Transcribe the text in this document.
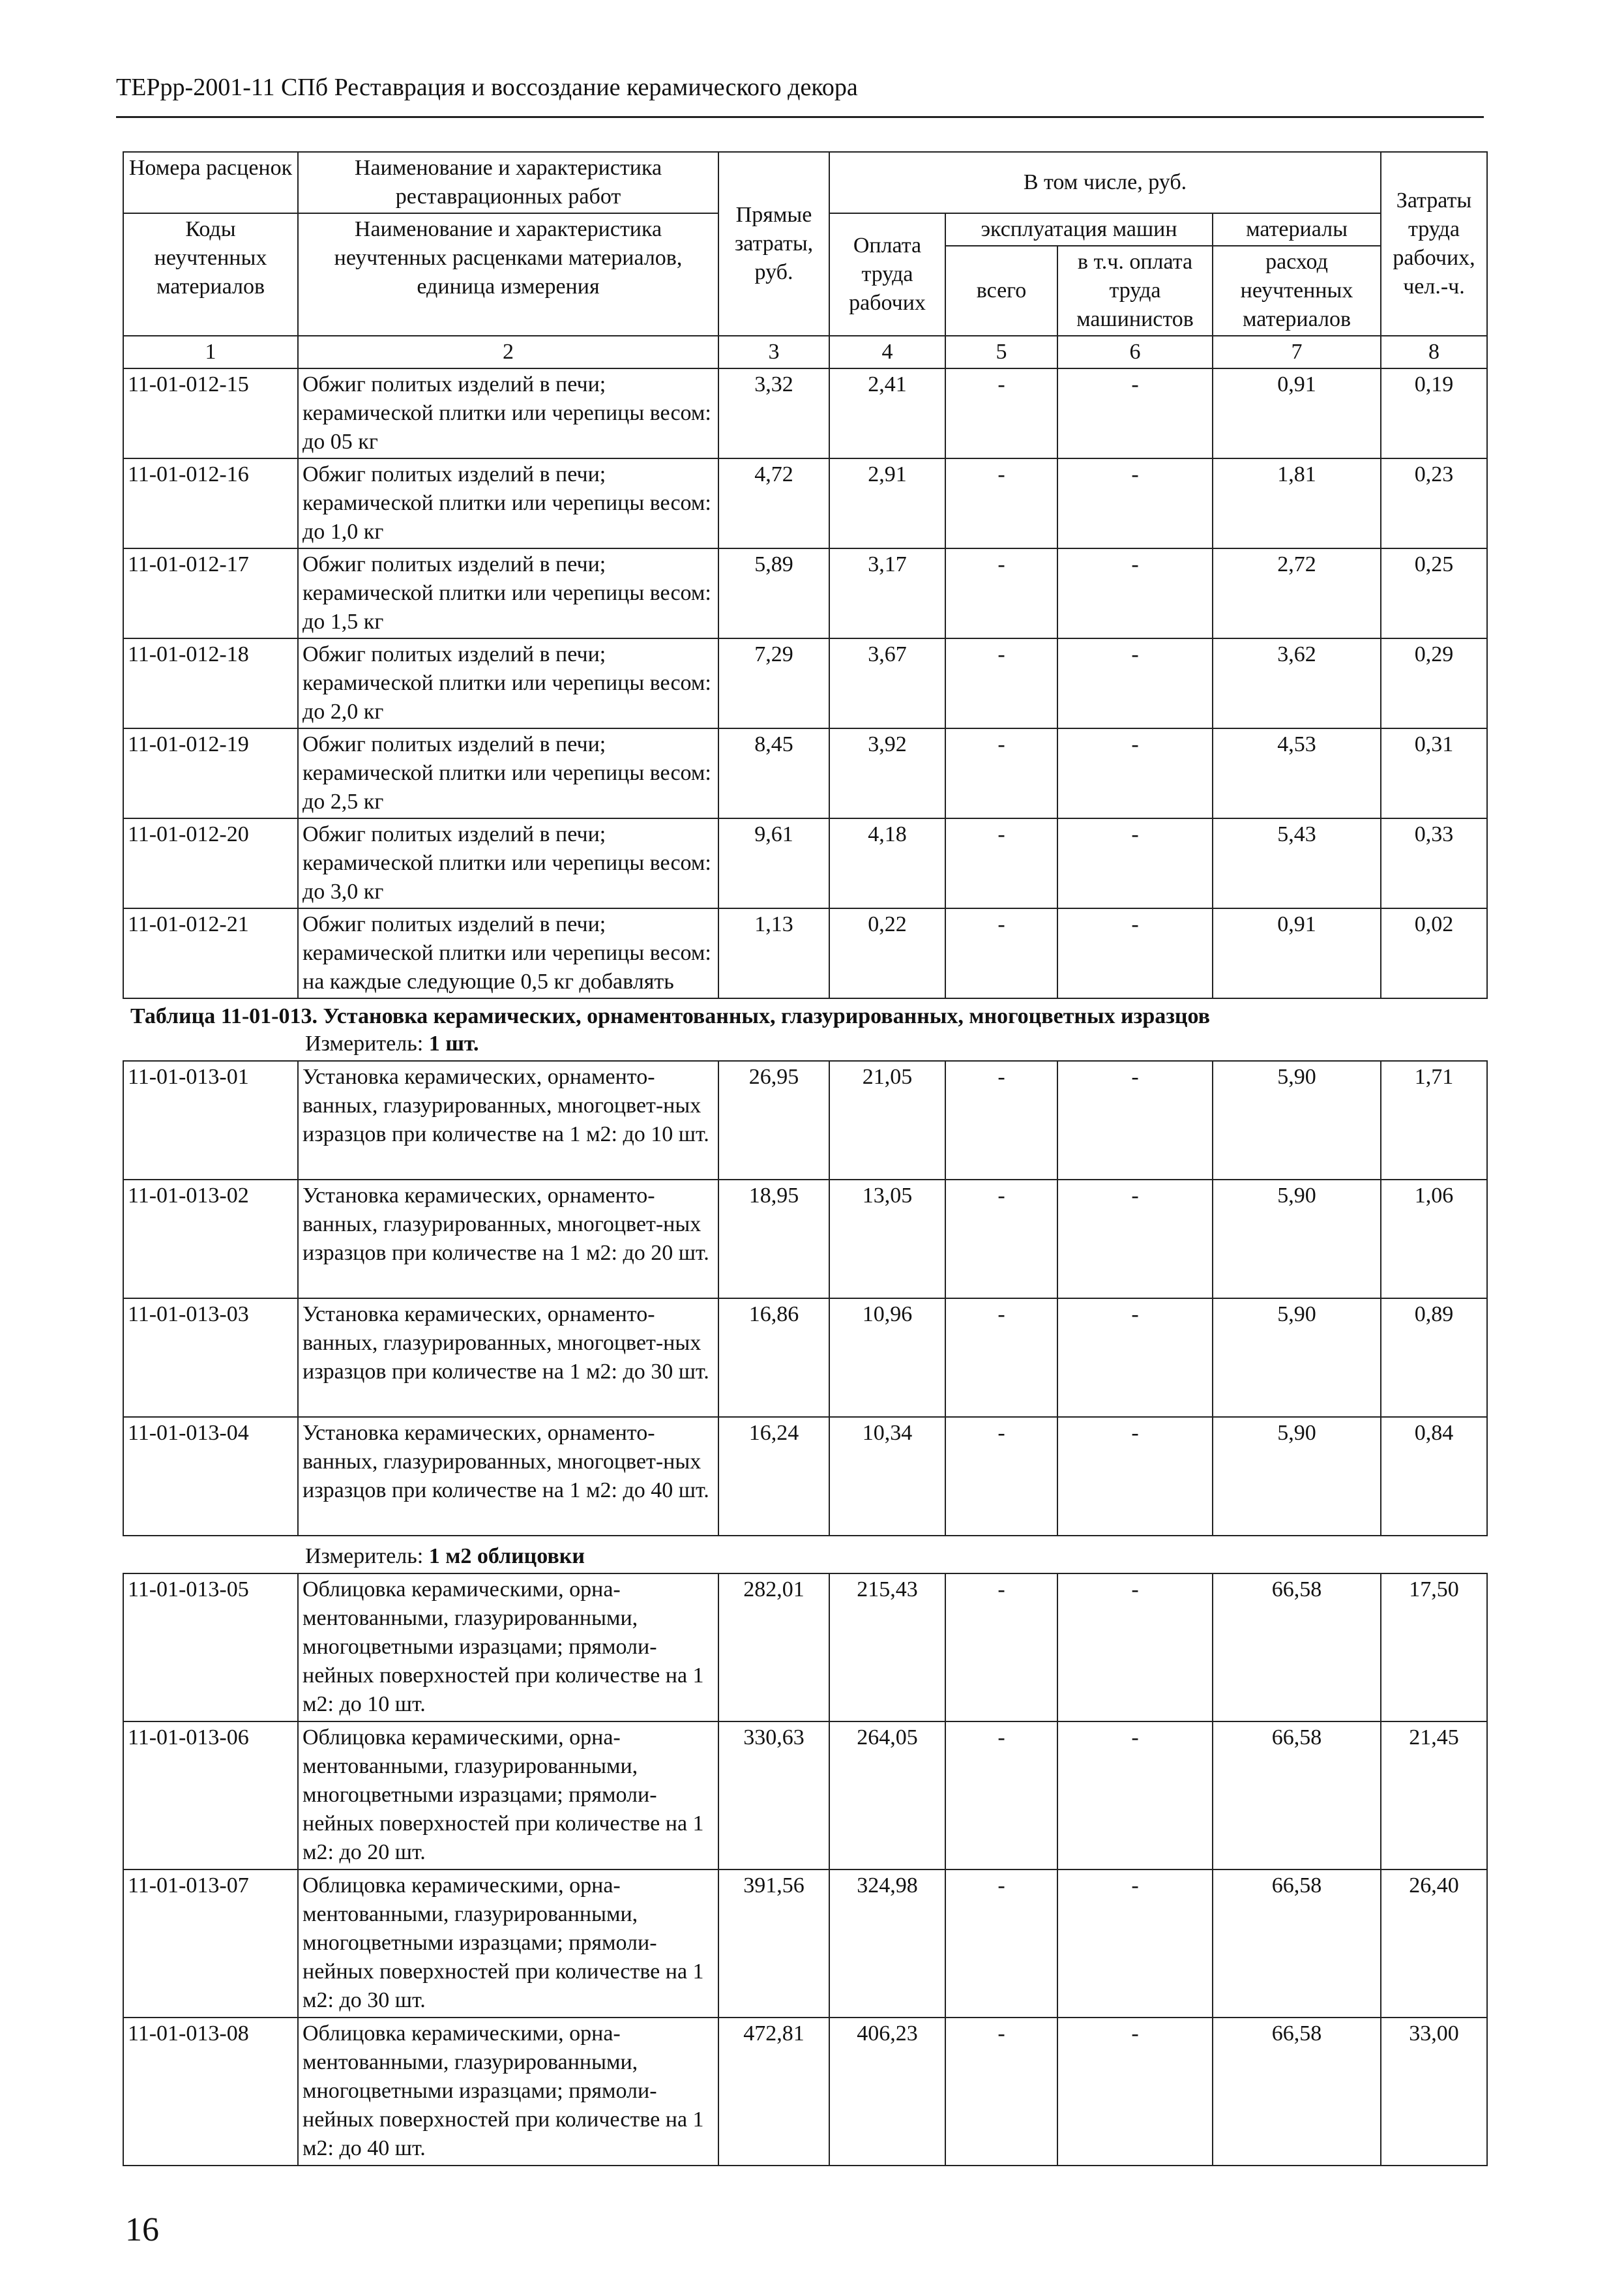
ТЕРрр-2001-11 СПб Реставрация и воссоздание керамического декора
Номера расценок	Наименование и характеристика реставрационных работ	Прямые затраты, руб.	В том числе, руб.				Затраты труда рабочих, чел.-ч.
Коды неучтенных материалов	Наименование и характеристика неучтенных расценками материалов, единица измерения		Оплата труда рабочих	эксплуатация машин		материалы	
				всего	в т.ч. оплата труда машинистов	расход неучтенных материалов	
1	2	3	4	5	6	7	8
11-01-012-15	Обжиг политых изделий в печи; керамической плитки или черепицы весом: до 05 кг	3,32	2,41	-	-	0,91	0,19
11-01-012-16	Обжиг политых изделий в печи; керамической плитки или черепицы весом: до 1,0 кг	4,72	2,91	-	-	1,81	0,23
11-01-012-17	Обжиг политых изделий в печи; керамической плитки или черепицы весом: до 1,5 кг	5,89	3,17	-	-	2,72	0,25
11-01-012-18	Обжиг политых изделий в печи; керамической плитки или черепицы весом: до 2,0 кг	7,29	3,67	-	-	3,62	0,29
11-01-012-19	Обжиг политых изделий в печи; керамической плитки или черепицы весом: до 2,5 кг	8,45	3,92	-	-	4,53	0,31
11-01-012-20	Обжиг политых изделий в печи; керамической плитки или черепицы весом: до 3,0 кг	9,61	4,18	-	-	5,43	0,33
11-01-012-21	Обжиг политых изделий в печи; керамической плитки или черепицы весом: на каждые следующие 0,5 кг добавлять	1,13	0,22	-	-	0,91	0,02
Таблица 11-01-013. Установка керамических, орнаментованных, глазурированных, многоцветных изразцов
Измеритель: 1 шт.
11-01-013-01	Установка керамических, орнаменто-ванных, глазурированных, многоцвет-ных изразцов при количестве на 1 м2: до 10 шт.	26,95	21,05	-	-	5,90	1,71
11-01-013-02	Установка керамических, орнаменто-ванных, глазурированных, многоцвет-ных изразцов при количестве на 1 м2: до 20 шт.	18,95	13,05	-	-	5,90	1,06
11-01-013-03	Установка керамических, орнаменто-ванных, глазурированных, многоцвет-ных изразцов при количестве на 1 м2: до 30 шт.	16,86	10,96	-	-	5,90	0,89
11-01-013-04	Установка керамических, орнаменто-ванных, глазурированных, многоцвет-ных изразцов при количестве на 1 м2: до 40 шт.	16,24	10,34	-	-	5,90	0,84
Измеритель: 1 м2 облицовки
11-01-013-05	Облицовка керамическими, орна-ментованными, глазурированными, многоцветными изразцами; прямоли-нейных поверхностей при количестве на 1 м2: до 10 шт.	282,01	215,43	-	-	66,58	17,50
11-01-013-06	Облицовка керамическими, орна-ментованными, глазурированными, многоцветными изразцами; прямоли-нейных поверхностей при количестве на 1 м2: до 20 шт.	330,63	264,05	-	-	66,58	21,45
11-01-013-07	Облицовка керамическими, орна-ментованными, глазурированными, многоцветными изразцами; прямоли-нейных поверхностей при количестве на 1 м2: до 30 шт.	391,56	324,98	-	-	66,58	26,40
11-01-013-08	Облицовка керамическими, орна-ментованными, глазурированными, многоцветными изразцами; прямоли-нейных поверхностей при количестве на 1 м2: до 40 шт.	472,81	406,23	-	-	66,58	33,00
16
